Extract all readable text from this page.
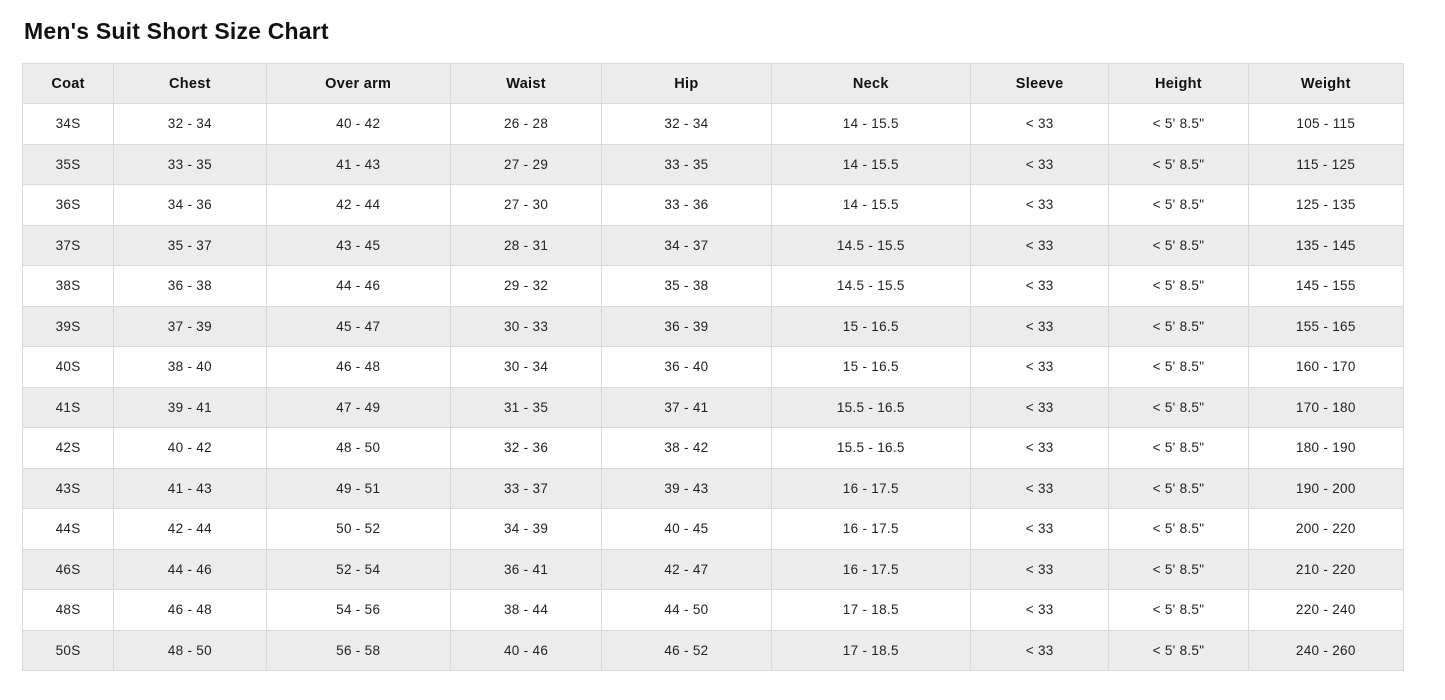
Men's Suit Short Size Chart
Coat	Chest	Over arm	Waist	Hip	Neck	Sleeve	Height	Weight
34S	32 - 34	40 - 42	26 - 28	32 - 34	14 - 15.5	< 33	< 5' 8.5"	105 - 115
35S	33 - 35	41 - 43	27 - 29	33 - 35	14 - 15.5	< 33	< 5' 8.5"	115 - 125
36S	34 - 36	42 - 44	27 - 30	33 - 36	14 - 15.5	< 33	< 5' 8.5"	125 - 135
37S	35 - 37	43 - 45	28 - 31	34 - 37	14.5 - 15.5	< 33	< 5' 8.5"	135 - 145
38S	36 - 38	44 - 46	29 - 32	35 - 38	14.5 - 15.5	< 33	< 5' 8.5"	145 - 155
39S	37 - 39	45 - 47	30 - 33	36 - 39	15 - 16.5	< 33	< 5' 8.5"	155 - 165
40S	38 - 40	46 - 48	30 - 34	36 - 40	15 - 16.5	< 33	< 5' 8.5"	160 - 170
41S	39 - 41	47 - 49	31 - 35	37 - 41	15.5 - 16.5	< 33	< 5' 8.5"	170 - 180
42S	40 - 42	48 - 50	32 - 36	38 - 42	15.5 - 16.5	< 33	< 5' 8.5"	180 - 190
43S	41 - 43	49 - 51	33 - 37	39 - 43	16 - 17.5	< 33	< 5' 8.5"	190 - 200
44S	42 - 44	50 - 52	34 - 39	40 - 45	16 - 17.5	< 33	< 5' 8.5"	200 - 220
46S	44 - 46	52 - 54	36 - 41	42 - 47	16 - 17.5	< 33	< 5' 8.5"	210 - 220
48S	46 - 48	54 - 56	38 - 44	44 - 50	17 - 18.5	< 33	< 5' 8.5"	220 - 240
50S	48 - 50	56 - 58	40 - 46	46 - 52	17 - 18.5	< 33	< 5' 8.5"	240 - 260
